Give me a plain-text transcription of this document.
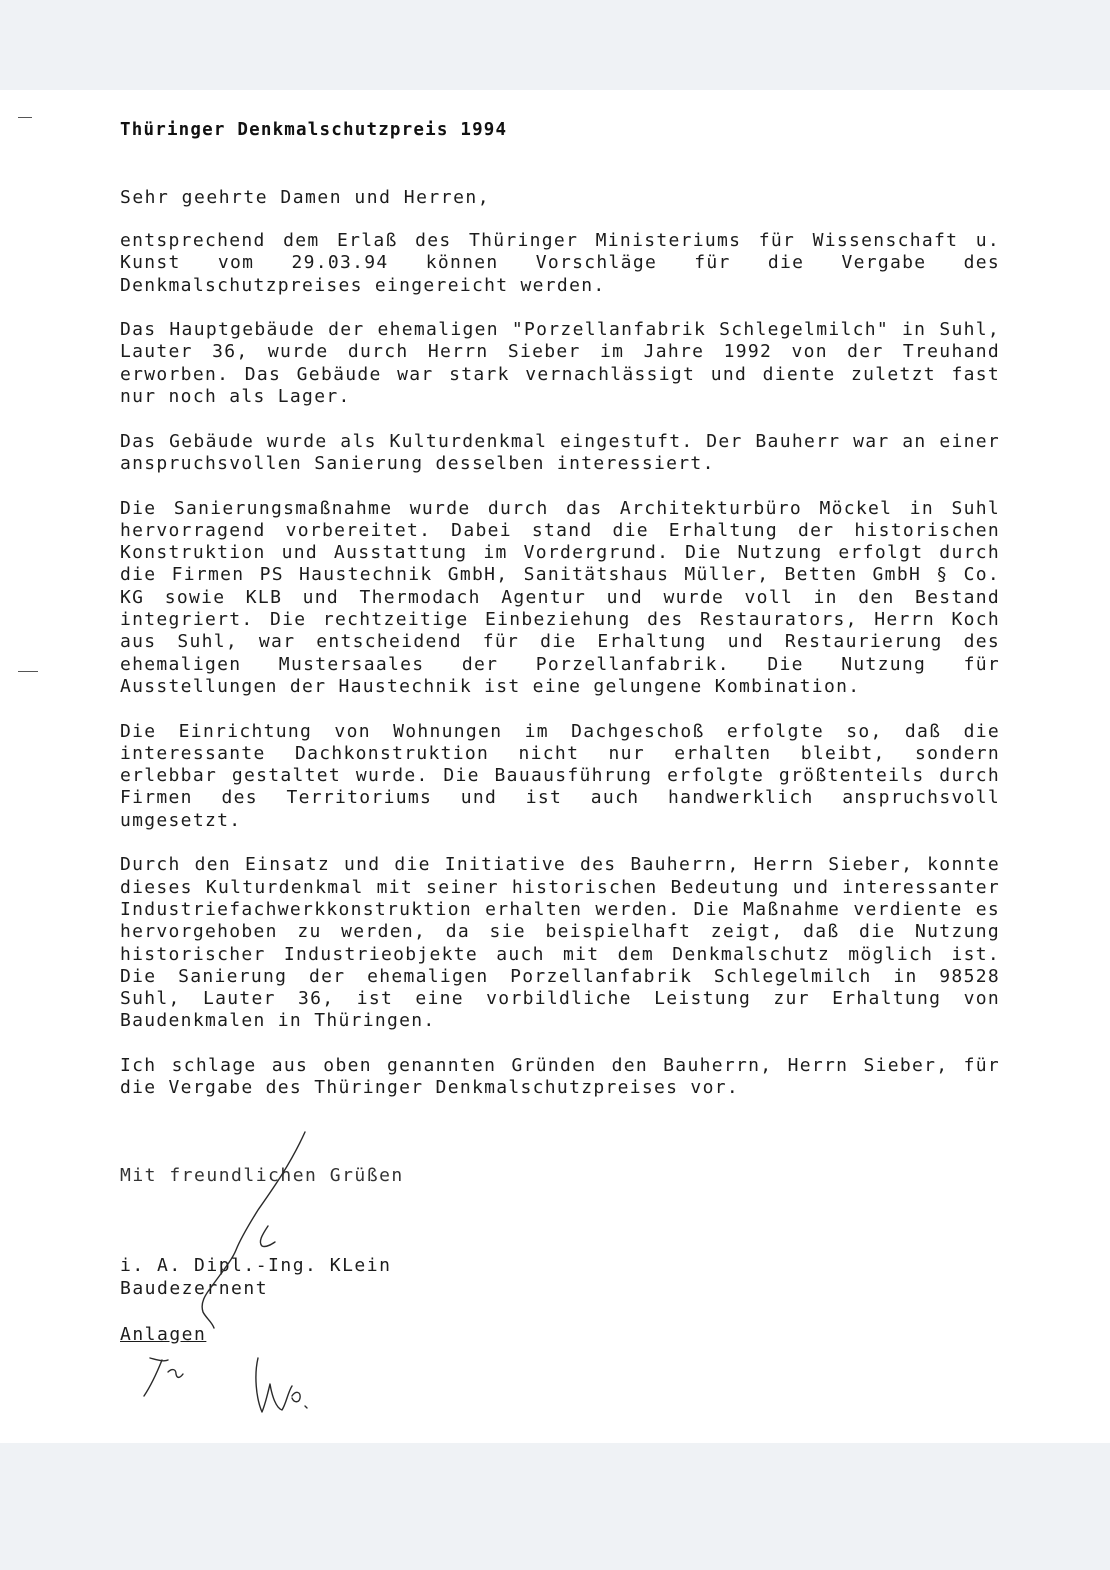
Thüringer Denkmalschutzpreis 1994
Sehr geehrte Damen und Herren,

entsprechend dem Erlaß des Thüringer Ministeriums für Wissenschaft u. Kunst vom 29.03.94 können Vorschläge für die Vergabe des Denkmalschutzpreises eingereicht werden.

Das Hauptgebäude der ehemaligen "Porzellanfabrik Schlegelmilch" in Suhl, Lauter 36, wurde durch Herrn Sieber im Jahre 1992 von der Treuhand erworben. Das Gebäude war stark vernachlässigt und diente zuletzt fast nur noch als Lager.

Das Gebäude wurde als Kulturdenkmal eingestuft. Der Bauherr war an einer anspruchsvollen Sanierung desselben interessiert.

Die Sanierungsmaßnahme wurde durch das Architekturbüro Möckel in Suhl hervorragend vorbereitet. Dabei stand die Erhaltung der historischen Konstruktion und Ausstattung im Vordergrund. Die Nutzung erfolgt durch die Firmen PS Haustechnik GmbH, Sanitätshaus Müller, Betten GmbH § Co. KG sowie KLB und Thermodach Agentur und wurde voll in den Bestand integriert. Die rechtzeitige Einbeziehung des Restaurators, Herrn Koch aus Suhl, war entscheidend für die Erhaltung und Restaurierung des ehemaligen Mustersaales der Porzellanfabrik. Die Nutzung für Ausstellungen der Haustechnik ist eine gelungene Kombination.

Die Einrichtung von Wohnungen im Dachgeschoß erfolgte so, daß die interessante Dachkonstruktion nicht nur erhalten bleibt, sondern erlebbar gestaltet wurde. Die Bauausführung erfolgte größtenteils durch Firmen des Territoriums und ist auch handwerklich anspruchsvoll umgesetzt.

Durch den Einsatz und die Initiative des Bauherrn, Herrn Sieber, konnte dieses Kulturdenkmal mit seiner historischen Bedeutung und interessanter Industriefachwerkkonstruktion erhalten werden. Die Maßnahme verdiente es hervorgehoben zu werden, da sie beispielhaft zeigt, daß die Nutzung historischer Industrieobjekte auch mit dem Denkmalschutz möglich ist. Die Sanierung der ehemaligen Porzellanfabrik Schlegelmilch in 98528 Suhl, Lauter 36, ist eine vorbildliche Leistung zur Erhaltung von Baudenkmalen in Thüringen.

Ich schlage aus oben genannten Gründen den Bauherrn, Herrn Sieber, für die Vergabe des Thüringer Denkmalschutzpreises vor.

Mit freundlichen Grüßen
i. A. Dipl.-Ing. KLein
Baudezernent
Anlagen
